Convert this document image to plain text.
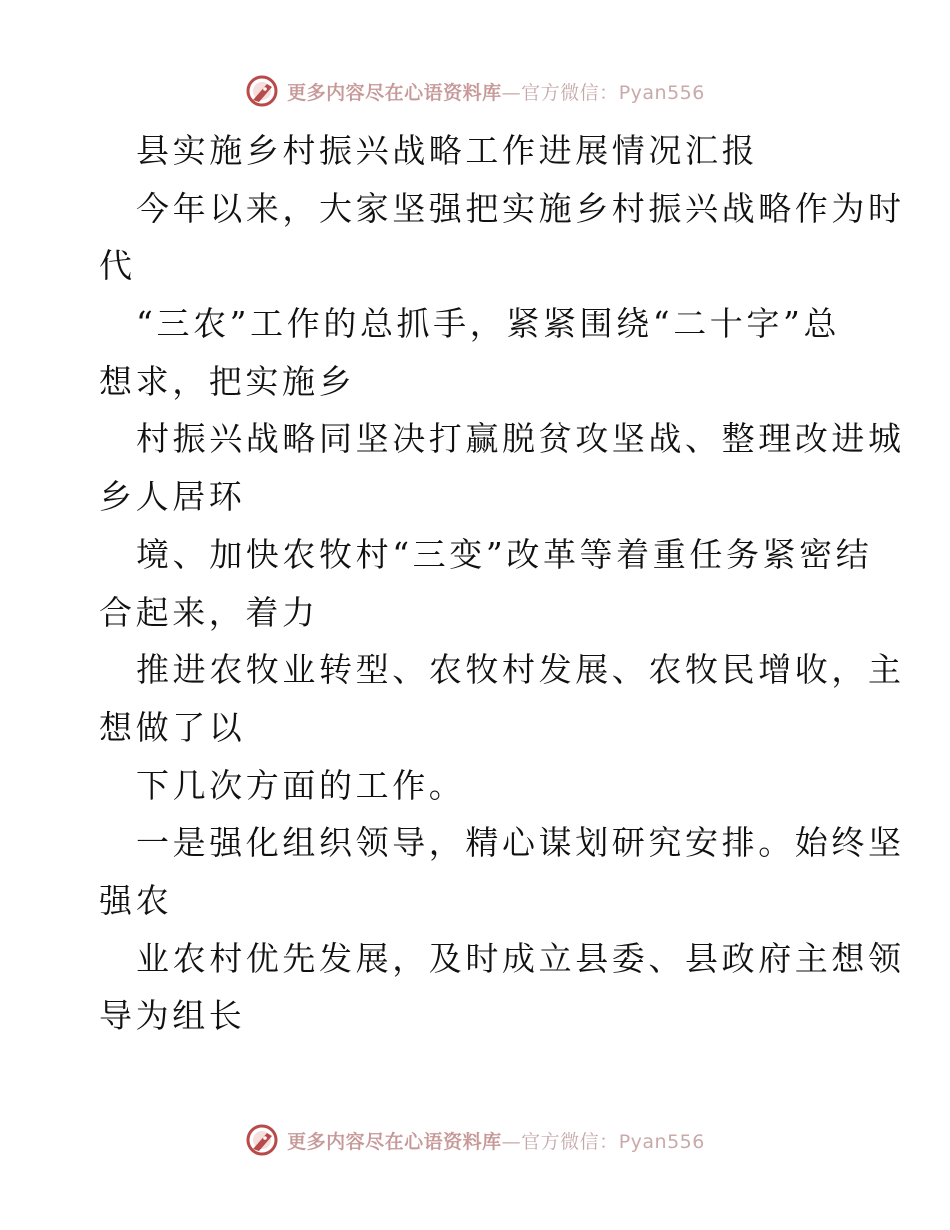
更多内容尽在心语资料库—官方微信：Pyan556
县实施乡村振兴战略工作进展情况汇报
今年以来，大家坚强把实施乡村振兴战略作为时
代
“三农”工作的总抓手，紧紧围绕“二十字”总
想求，把实施乡
村振兴战略同坚决打赢脱贫攻坚战、整理改进城
乡人居环
境、加快农牧村“三变”改革等着重任务紧密结
合起来，着力
推进农牧业转型、农牧村发展、农牧民增收，主
想做了以
下几次方面的工作。
一是强化组织领导，精心谋划研究安排。始终坚
强农
业农村优先发展，及时成立县委、县政府主想领
导为组长
更多内容尽在心语资料库—官方微信：Pyan556
